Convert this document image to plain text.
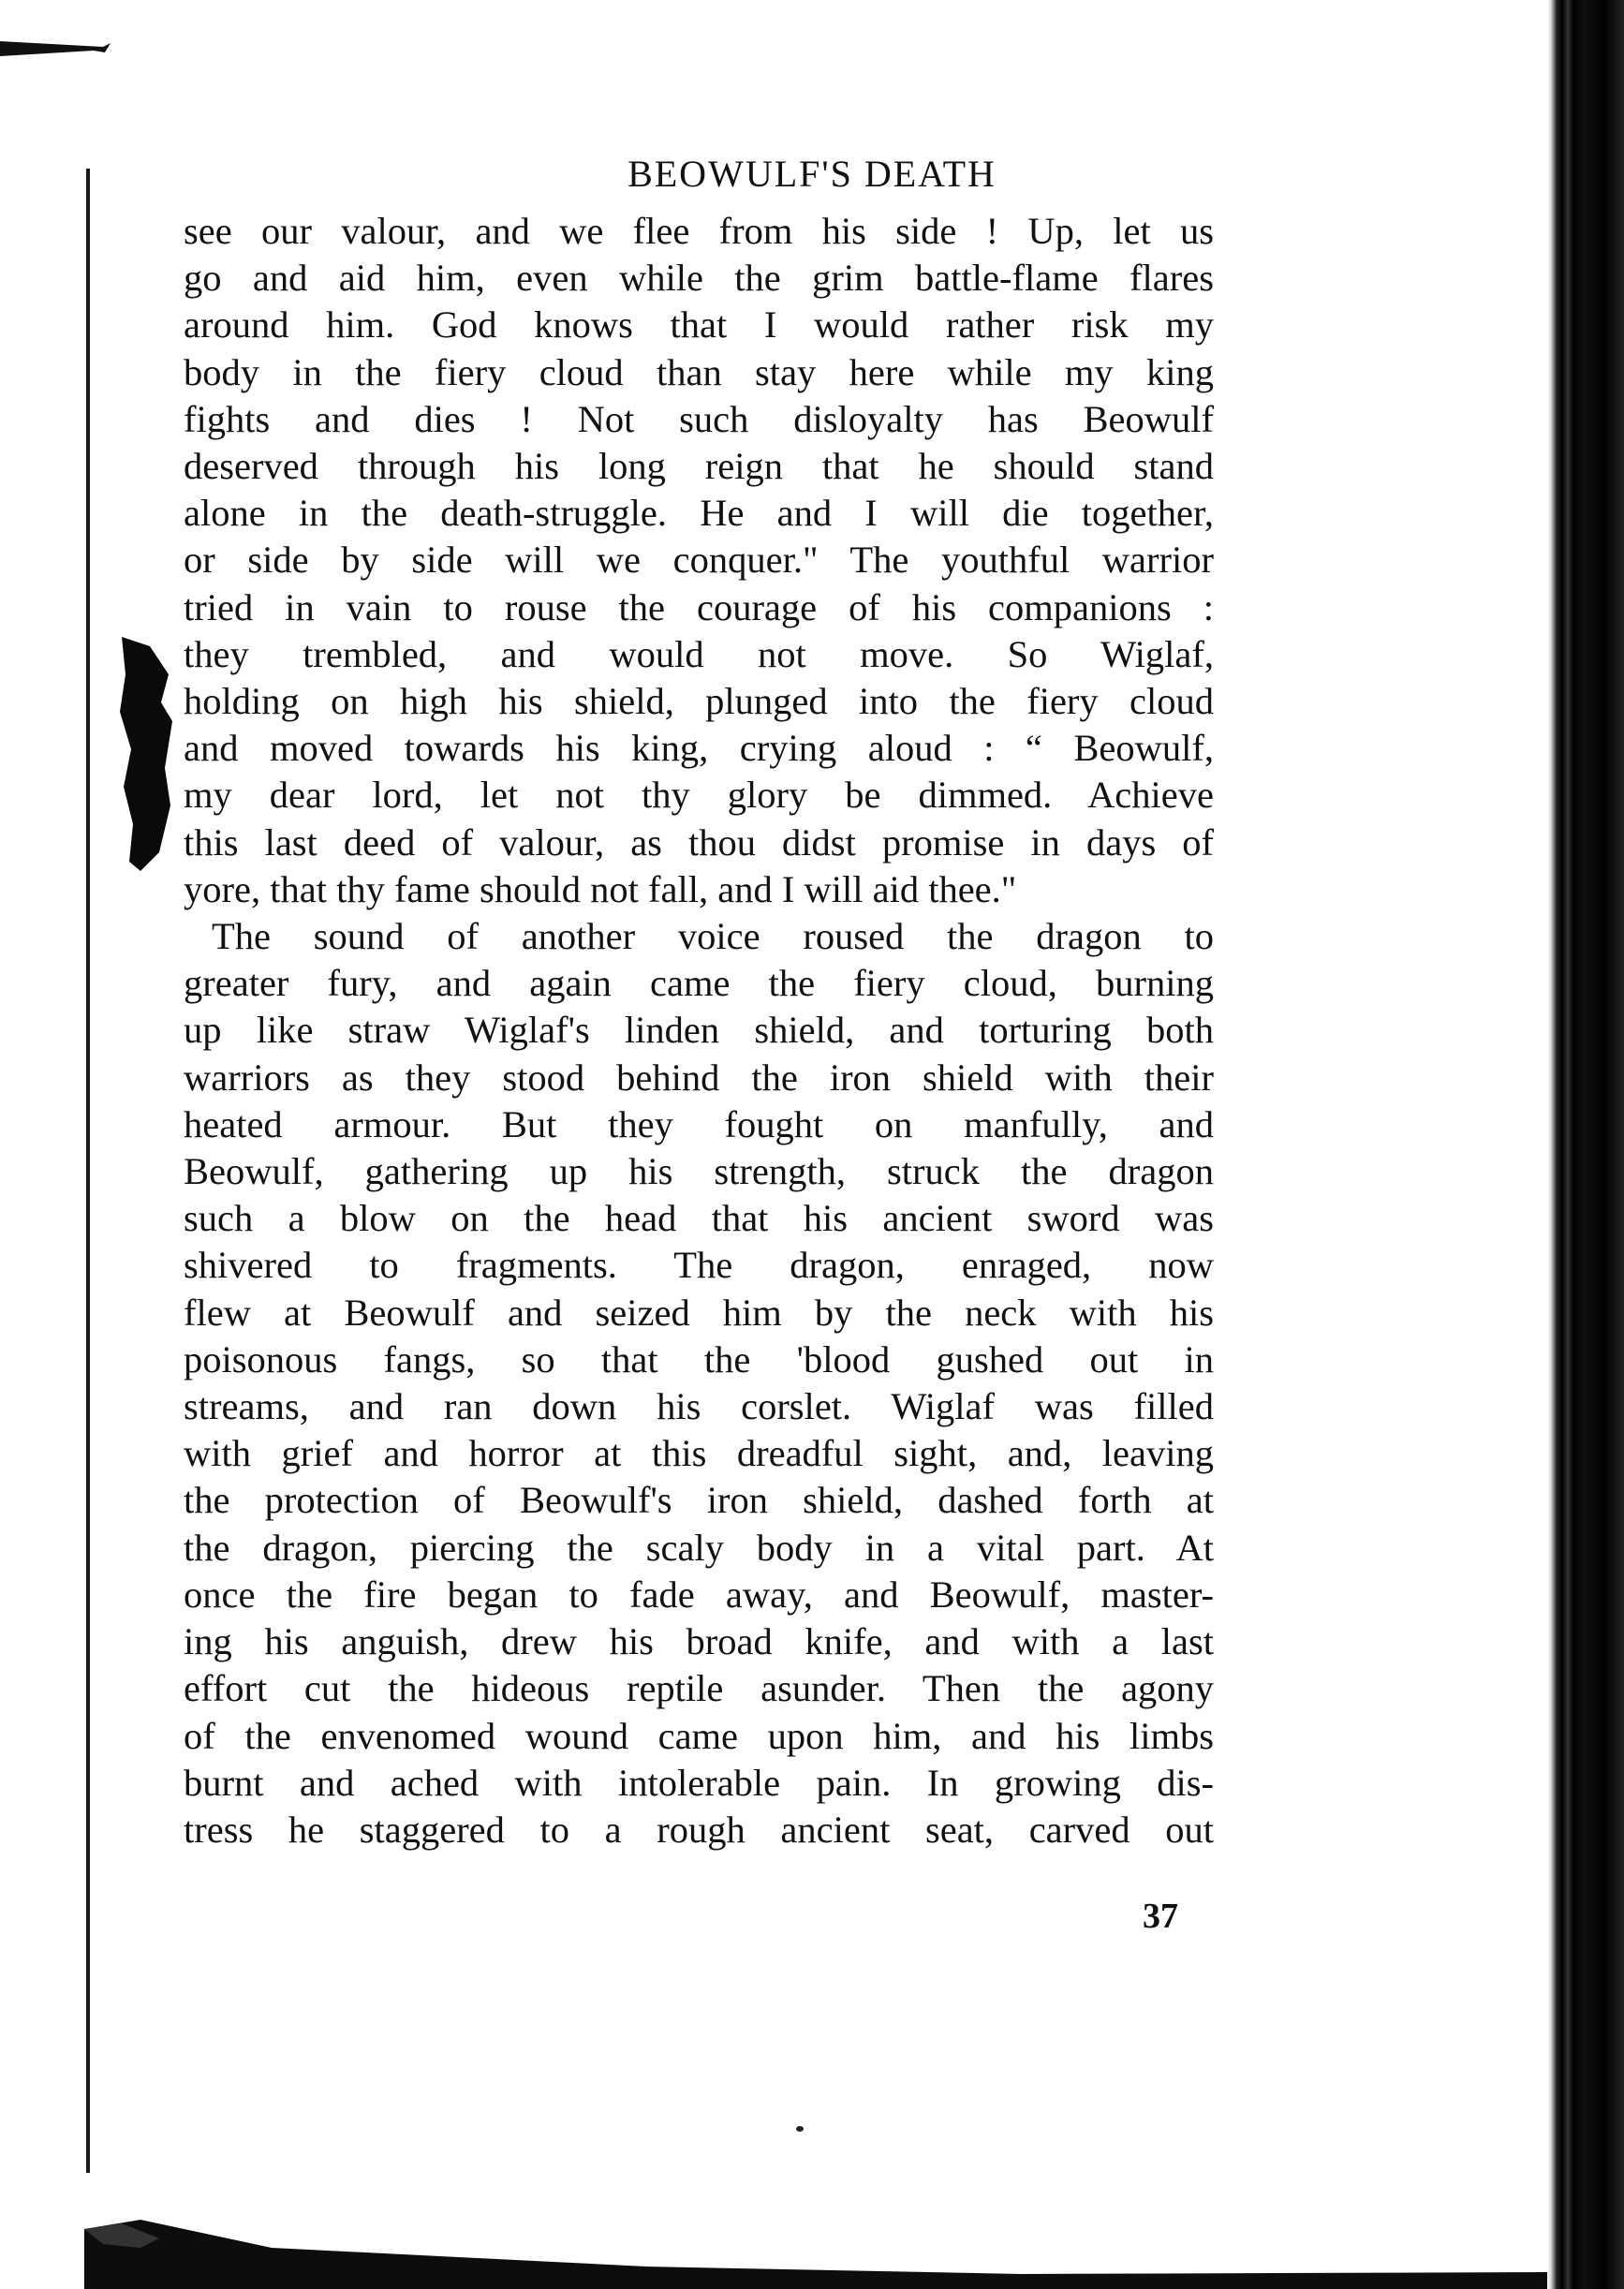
BEOWULF'S DEATH
see our valour, and we flee from his side ! Up, let us
go and aid him, even while the grim battle-flame flares
around him. God knows that I would rather risk my
body in the fiery cloud than stay here while my king
fights and dies ! Not such disloyalty has Beowulf
deserved through his long reign that he should stand
alone in the death-struggle. He and I will die together,
or side by side will we conquer." The youthful warrior
tried in vain to rouse the courage of his companions :
they trembled, and would not move. So Wiglaf,
holding on high his shield, plunged into the fiery cloud
and moved towards his king, crying aloud : “ Beowulf,
my dear lord, let not thy glory be dimmed. Achieve
this last deed of valour, as thou didst promise in days of
yore, that thy fame should not fall, and I will aid thee."
The sound of another voice roused the dragon to
greater fury, and again came the fiery cloud, burning
up like straw Wiglaf's linden shield, and torturing both
warriors as they stood behind the iron shield with their
heated armour. But they fought on manfully, and
Beowulf, gathering up his strength, struck the dragon
such a blow on the head that his ancient sword was
shivered to fragments. The dragon, enraged, now
flew at Beowulf and seized him by the neck with his
poisonous fangs, so that the 'blood gushed out in
streams, and ran down his corslet. Wiglaf was filled
with grief and horror at this dreadful sight, and, leaving
the protection of Beowulf's iron shield, dashed forth at
the dragon, piercing the scaly body in a vital part. At
once the fire began to fade away, and Beowulf, master-
ing his anguish, drew his broad knife, and with a last
effort cut the hideous reptile asunder. Then the agony
of the envenomed wound came upon him, and his limbs
burnt and ached with intolerable pain. In growing dis-
tress he staggered to a rough ancient seat, carved out
37
